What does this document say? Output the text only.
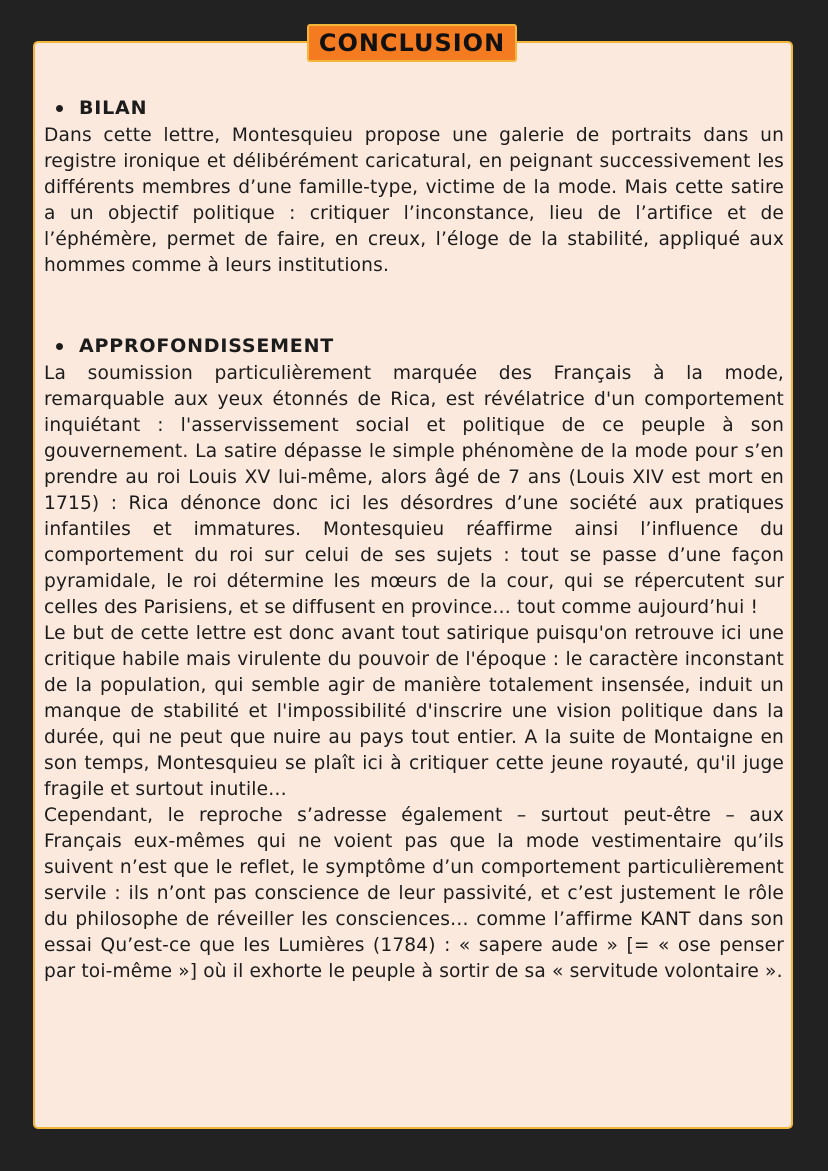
CONCLUSION
BILAN

Dans cette lettre, Montesquieu propose une galerie de portraits dans un registre ironique et délibérément caricatural, en peignant successivement les différents membres d’une famille-type, victime de la mode. Mais cette satire a un objectif politique : critiquer l’inconstance, lieu de l’artifice et de l’éphémère, permet de faire, en creux, l’éloge de la stabilité, appliqué aux hommes comme à leurs institutions.

APPROFONDISSEMENT

La soumission particulièrement marquée des Français à la mode, remarquable aux yeux étonnés de Rica, est révélatrice d'un comportement inquiétant : l'asservissement social et politique de ce peuple à son gouvernement. La satire dépasse le simple phénomène de la mode pour s’en prendre au roi Louis XV lui-même, alors âgé de 7 ans (Louis XIV est mort en 1715) : Rica dénonce donc ici les désordres d’une société aux pratiques infantiles et immatures. Montesquieu réaffirme ainsi l’influence du comportement du roi sur celui de ses sujets : tout se passe d’une façon pyramidale, le roi détermine les mœurs de la cour, qui se répercutent sur celles des Parisiens, et se diffusent en province… tout comme aujourd’hui !

Le but de cette lettre est donc avant tout satirique puisqu'on retrouve ici une critique habile mais virulente du pouvoir de l'époque : le caractère inconstant de la population, qui semble agir de manière totalement insensée, induit un manque de stabilité et l'impossibilité d'inscrire une vision politique dans la durée, qui ne peut que nuire au pays tout entier. A la suite de Montaigne en son temps, Montesquieu se plaît ici à critiquer cette jeune royauté, qu'il juge fragile et surtout inutile…

Cependant, le reproche s’adresse également – surtout peut-être – aux Français eux-mêmes qui ne voient pas que la mode vestimentaire qu’ils suivent n’est que le reflet, le symptôme d’un comportement particulièrement servile : ils n’ont pas conscience de leur passivité, et c’est justement le rôle du philosophe de réveiller les consciences… comme l’affirme KANT dans son essai Qu’est-ce que les Lumières (1784) : « sapere aude » [= « ose penser par toi-même »] où il exhorte le peuple à sortir de sa « servitude volontaire ».
